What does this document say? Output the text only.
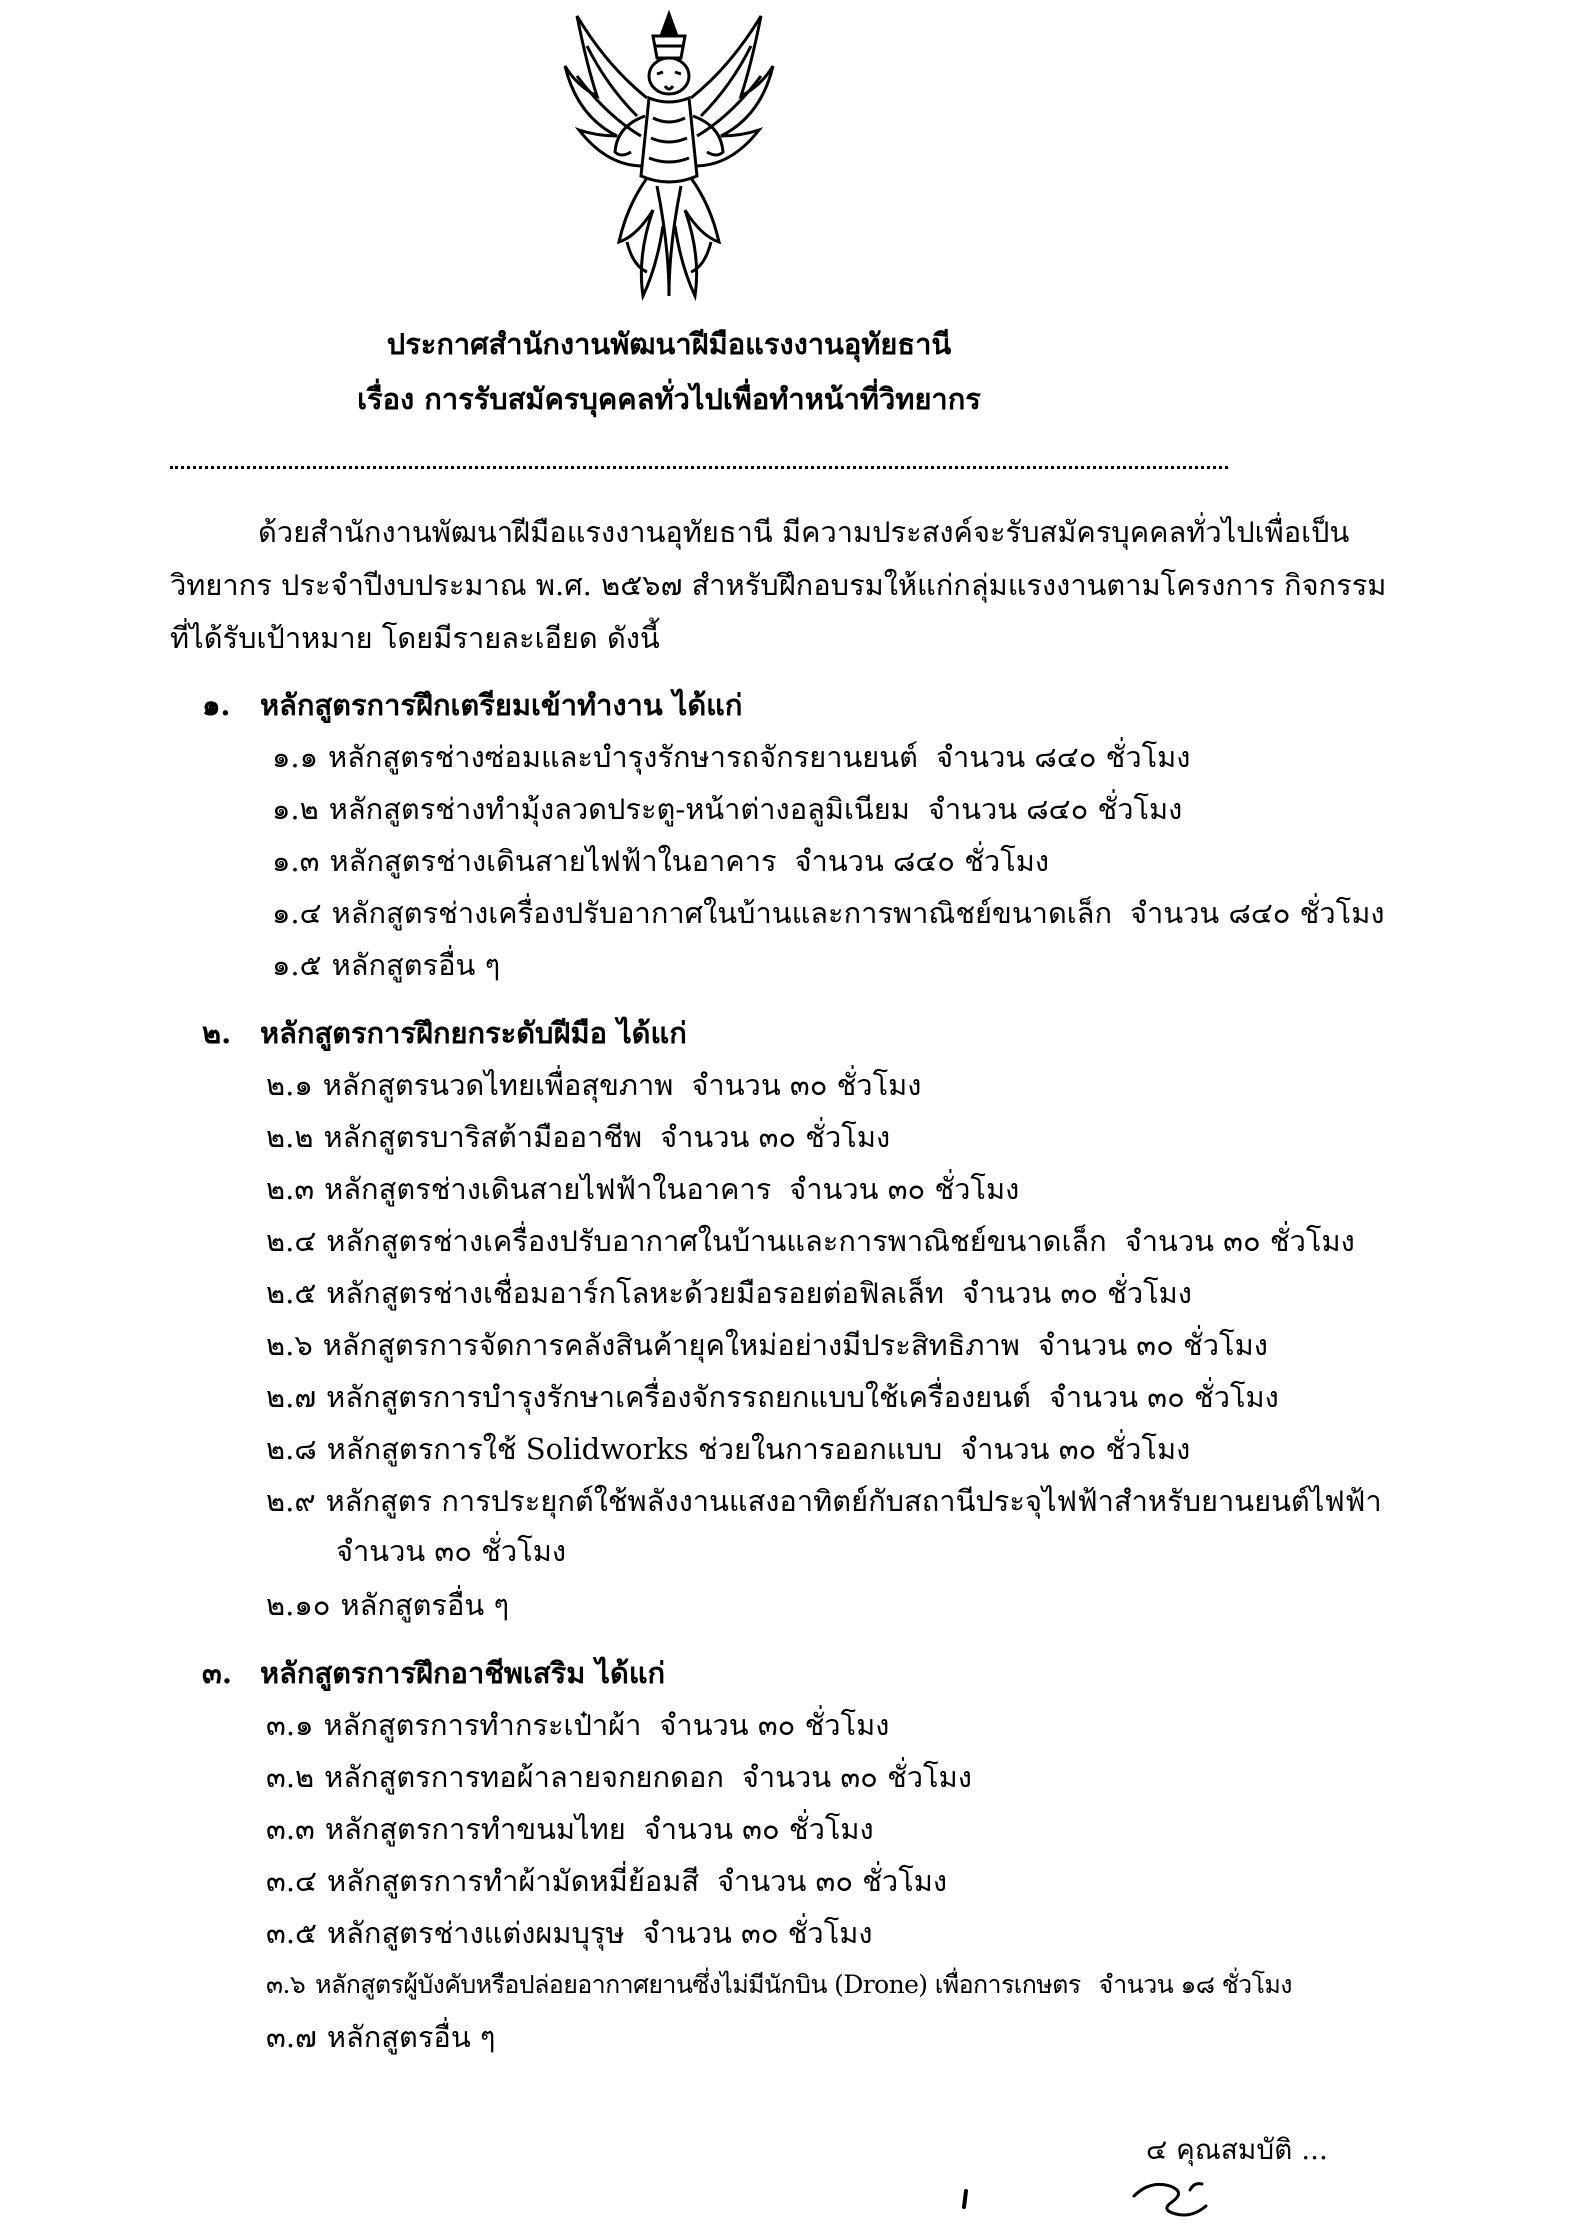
ประกาศสำนักงานพัฒนาฝีมือแรงงานอุทัยธานี
เรื่อง การรับสมัครบุคคลทั่วไปเพื่อทำหน้าที่วิทยากร
ด้วยสำนักงานพัฒนาฝีมือแรงงานอุทัยธานี มีความประสงค์จะรับสมัครบุคคลทั่วไปเพื่อเป็น
วิทยากร ประจำปีงบประมาณ พ.ศ. ๒๕๖๗ สำหรับฝึกอบรมให้แก่กลุ่มแรงงานตามโครงการ กิจกรรม
ที่ได้รับเป้าหมาย โดยมีรายละเอียด ดังนี้
๑. หลักสูตรการฝึกเตรียมเข้าทำงาน ได้แก่
๑.๑ หลักสูตรช่างซ่อมและบำรุงรักษารถจักรยานยนต์ จำนวน ๘๔๐ ชั่วโมง
๑.๒ หลักสูตรช่างทำมุ้งลวดประตู-หน้าต่างอลูมิเนียม จำนวน ๘๔๐ ชั่วโมง
๑.๓ หลักสูตรช่างเดินสายไฟฟ้าในอาคาร จำนวน ๘๔๐ ชั่วโมง
๑.๔ หลักสูตรช่างเครื่องปรับอากาศในบ้านและการพาณิชย์ขนาดเล็ก จำนวน ๘๔๐ ชั่วโมง
๑.๕ หลักสูตรอื่น ๆ
๒. หลักสูตรการฝึกยกระดับฝีมือ ได้แก่
๒.๑ หลักสูตรนวดไทยเพื่อสุขภาพ จำนวน ๓๐ ชั่วโมง
๒.๒ หลักสูตรบาริสต้ามืออาชีพ จำนวน ๓๐ ชั่วโมง
๒.๓ หลักสูตรช่างเดินสายไฟฟ้าในอาคาร จำนวน ๓๐ ชั่วโมง
๒.๔ หลักสูตรช่างเครื่องปรับอากาศในบ้านและการพาณิชย์ขนาดเล็ก จำนวน ๓๐ ชั่วโมง
๒.๕ หลักสูตรช่างเชื่อมอาร์กโลหะด้วยมือรอยต่อฟิลเล็ท จำนวน ๓๐ ชั่วโมง
๒.๖ หลักสูตรการจัดการคลังสินค้ายุคใหม่อย่างมีประสิทธิภาพ จำนวน ๓๐ ชั่วโมง
๒.๗ หลักสูตรการบำรุงรักษาเครื่องจักรรถยกแบบใช้เครื่องยนต์ จำนวน ๓๐ ชั่วโมง
๒.๘ หลักสูตรการใช้ Solidworks ช่วยในการออกแบบ จำนวน ๓๐ ชั่วโมง
๒.๙ หลักสูตร การประยุกต์ใช้พลังงานแสงอาทิตย์กับสถานีประจุไฟฟ้าสำหรับยานยนต์ไฟฟ้า
จำนวน ๓๐ ชั่วโมง
๒.๑๐ หลักสูตรอื่น ๆ
๓. หลักสูตรการฝึกอาชีพเสริม ได้แก่
๓.๑ หลักสูตรการทำกระเป๋าผ้า จำนวน ๓๐ ชั่วโมง
๓.๒ หลักสูตรการทอผ้าลายจกยกดอก จำนวน ๓๐ ชั่วโมง
๓.๓ หลักสูตรการทำขนมไทย จำนวน ๓๐ ชั่วโมง
๓.๔ หลักสูตรการทำผ้ามัดหมี่ย้อมสี จำนวน ๓๐ ชั่วโมง
๓.๕ หลักสูตรช่างแต่งผมบุรุษ จำนวน ๓๐ ชั่วโมง
๓.๖ หลักสูตรผู้บังคับหรือปล่อยอากาศยานซึ่งไม่มีนักบิน (Drone) เพื่อการเกษตร จำนวน ๑๘ ชั่วโมง
๓.๗ หลักสูตรอื่น ๆ
๔ คุณสมบัติ ...
